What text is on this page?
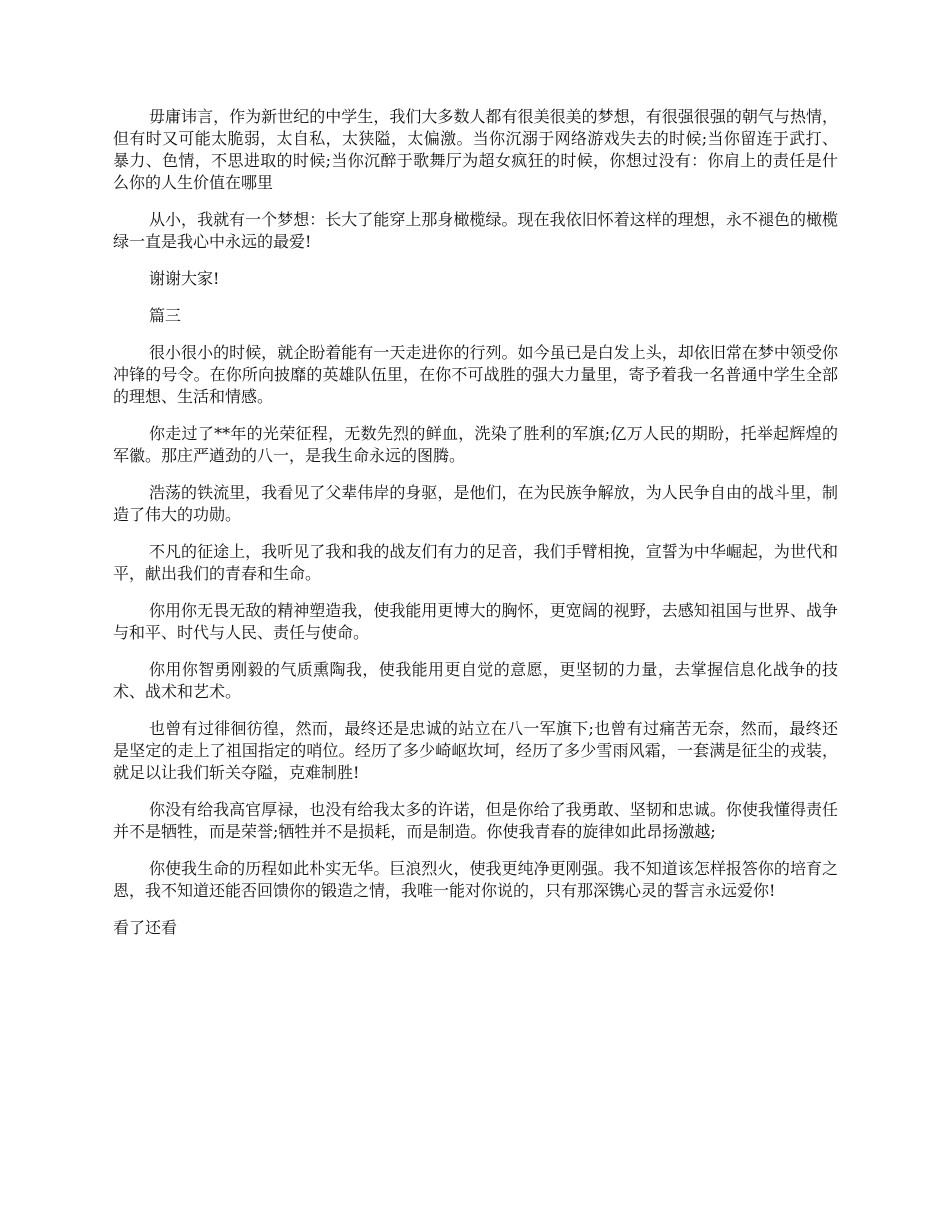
毋庸讳言，作为新世纪的中学生，我们大多数人都有很美很美的梦想，有很强很强的朝气与热情，但有时又可能太脆弱，太自私，太狭隘，太偏激。当你沉溺于网络游戏失去的时候;当你留连于武打、暴力、色情，不思进取的时候;当你沉醉于歌舞厅为超女疯狂的时候，你想过没有：你肩上的责任是什么你的人生价值在哪里

从小，我就有一个梦想：长大了能穿上那身橄榄绿。现在我依旧怀着这样的理想，永不褪色的橄榄绿一直是我心中永远的最爱!

谢谢大家!

篇三

很小很小的时候，就企盼着能有一天走进你的行列。如今虽已是白发上头，却依旧常在梦中领受你冲锋的号令。在你所向披靡的英雄队伍里，在你不可战胜的强大力量里，寄予着我一名普通中学生全部的理想、生活和情感。

你走过了**年的光荣征程，无数先烈的鲜血，洗染了胜利的军旗;亿万人民的期盼，托举起辉煌的军徽。那庄严遒劲的八一，是我生命永远的图腾。

浩荡的铁流里，我看见了父辈伟岸的身驱，是他们，在为民族争解放，为人民争自由的战斗里，制造了伟大的功勋。

不凡的征途上，我听见了我和我的战友们有力的足音，我们手臂相挽，宣誓为中华崛起，为世代和平，献出我们的青春和生命。

你用你无畏无敌的精神塑造我，使我能用更博大的胸怀，更宽阔的视野，去感知祖国与世界、战争与和平、时代与人民、责任与使命。

你用你智勇刚毅的气质熏陶我，使我能用更自觉的意愿，更坚韧的力量，去掌握信息化战争的技术、战术和艺术。

也曾有过徘徊彷徨，然而，最终还是忠诚的站立在八一军旗下;也曾有过痛苦无奈，然而，最终还是坚定的走上了祖国指定的哨位。经历了多少崎岖坎坷，经历了多少雪雨风霜，一套满是征尘的戎装，就足以让我们斩关夺隘，克难制胜!

你没有给我高官厚禄，也没有给我太多的许诺，但是你给了我勇敢、坚韧和忠诚。你使我懂得责任并不是牺牲，而是荣誉;牺牲并不是损耗，而是制造。你使我青春的旋律如此昂扬激越;

你使我生命的历程如此朴实无华。巨浪烈火，使我更纯净更刚强。我不知道该怎样报答你的培育之恩，我不知道还能否回馈你的锻造之情，我唯一能对你说的，只有那深镌心灵的誓言永远爱你!

看了还看
